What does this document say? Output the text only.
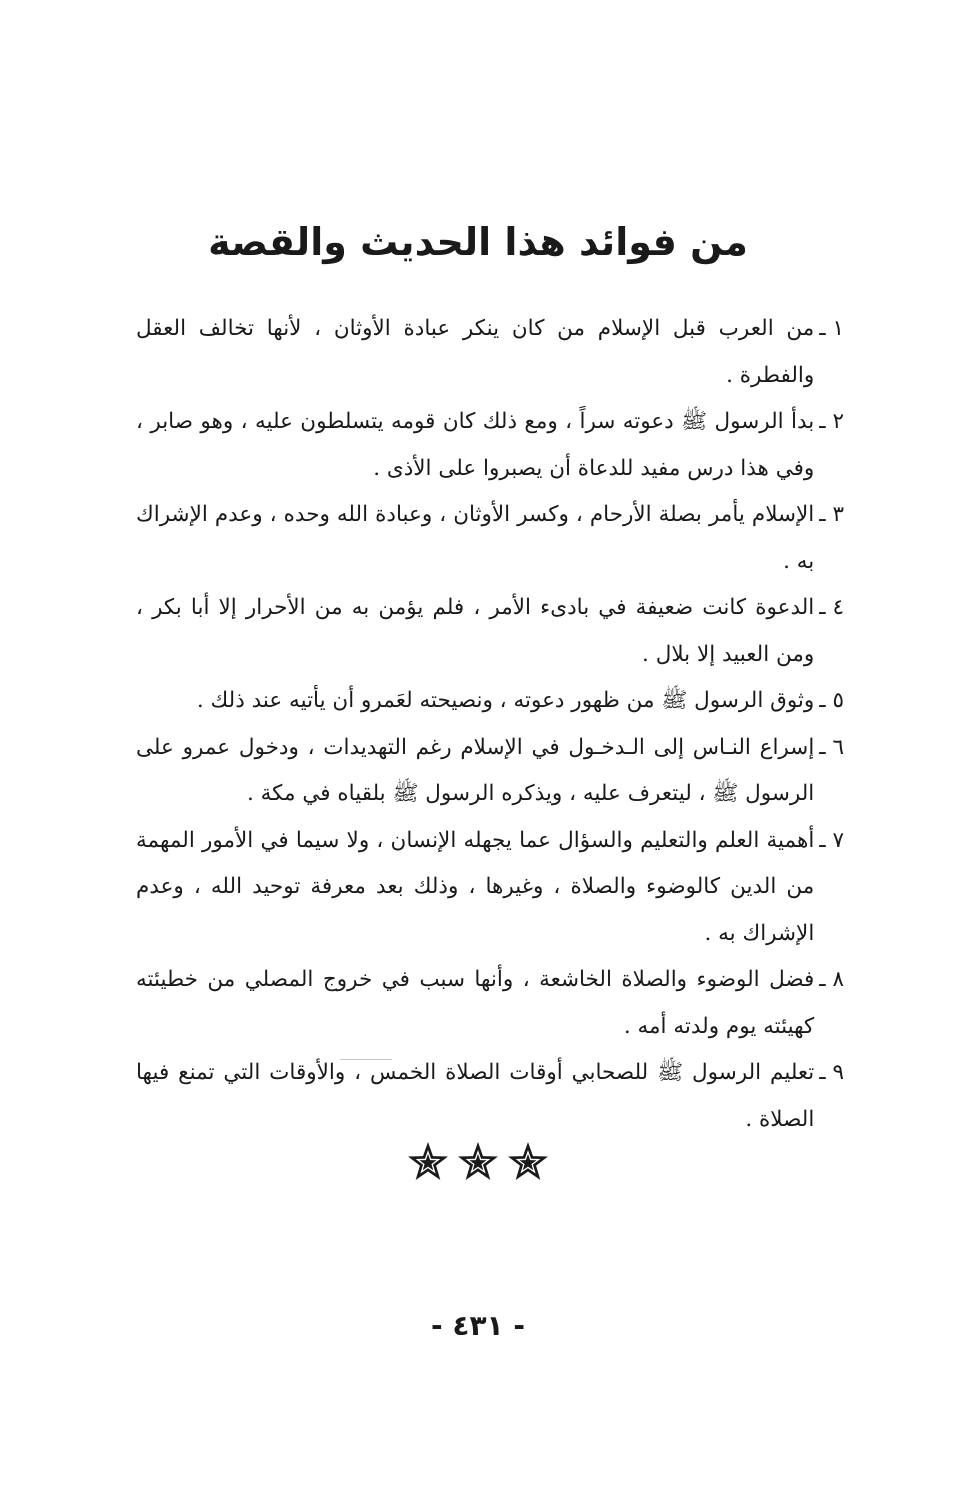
من فوائد هذا الحديث والقصة
١ ـ
من العرب قبل الإسلام من كان ينكر عبادة الأوثان ، لأنها تخالف العقل والفطرة .
٢ ـ
بدأ الرسول ﷺ دعوته سراً ، ومع ذلك كان قومه يتسلطون عليه ، وهو صابر ، وفي هذا درس مفيد للدعاة أن يصبروا على الأذى .
٣ ـ
الإسلام يأمر بصلة الأرحام ، وكسر الأوثان ، وعبادة الله وحده ، وعدم الإشراك به .
٤ ـ
الدعوة كانت ضعيفة في بادىء الأمر ، فلم يؤمن به من الأحرار إلا أبا بكر ، ومن العبيد إلا بلال .
٥ ـ
وثوق الرسول ﷺ من ظهور دعوته ، ونصيحته لعَمرو أن يأتيه عند ذلك .
٦ ـ
إسراع النـاس إلى الـدخـول في الإسلام رغم التهديدات ، ودخول عمرو على الرسول ﷺ ، ليتعرف عليه ، ويذكره الرسول ﷺ بلقياه في مكة .
٧ ـ
أهمية العلم والتعليم والسؤال عما يجهله الإنسان ، ولا سيما في الأمور المهمة من الدين كالوضوء والصلاة ، وغيرها ، وذلك بعد معرفة توحيد الله ، وعدم الإشراك به .
٨ ـ
فضل الوضوء والصلاة الخاشعة ، وأنها سبب في خروج المصلي من خطيئته كهيئته يوم ولدته أمه .
٩ ـ
تعليم الرسول ﷺ للصحابي أوقات الصلاة الخمس ، والأوقات التي تمنع فيها الصلاة .
- ٤٣١ -
